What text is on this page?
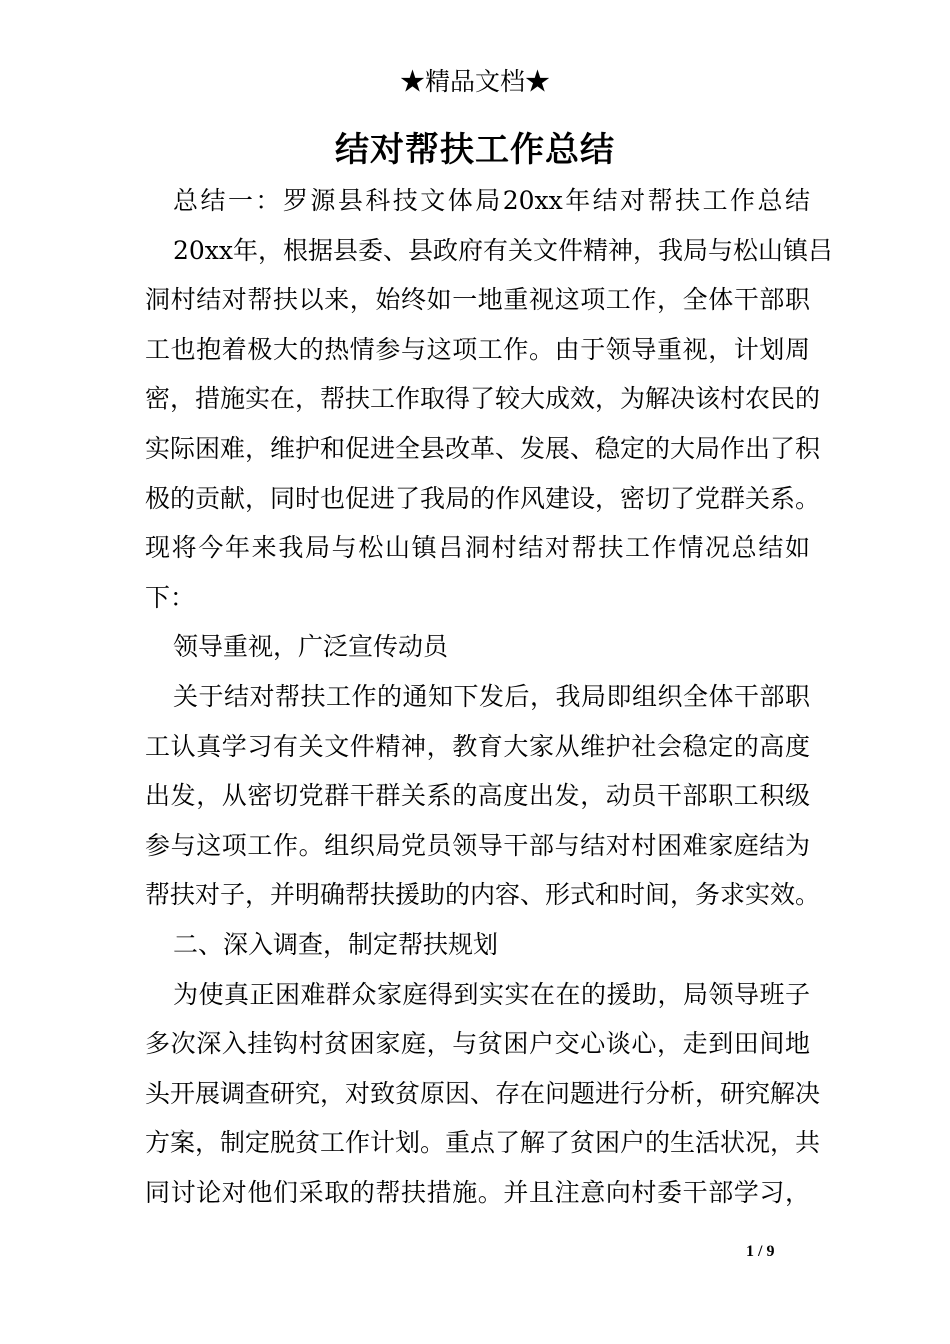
★精品文档★
结对帮扶工作总结
总结一：罗源县科技文体局20xx年结对帮扶工作总结
20xx年，根据县委、县政府有关文件精神，我局与松山镇吕
洞村结对帮扶以来，始终如一地重视这项工作，全体干部职
工也抱着极大的热情参与这项工作。由于领导重视，计划周
密，措施实在，帮扶工作取得了较大成效，为解决该村农民的
实际困难，维护和促进全县改革、发展、稳定的大局作出了积
极的贡献，同时也促进了我局的作风建设，密切了党群关系。
现将今年来我局与松山镇吕洞村结对帮扶工作情况总结如
下：
领导重视，广泛宣传动员
关于结对帮扶工作的通知下发后，我局即组织全体干部职
工认真学习有关文件精神，教育大家从维护社会稳定的高度
出发，从密切党群干群关系的高度出发，动员干部职工积级
参与这项工作。组织局党员领导干部与结对村困难家庭结为
帮扶对子，并明确帮扶援助的内容、形式和时间，务求实效。
二、深入调查，制定帮扶规划
为使真正困难群众家庭得到实实在在的援助，局领导班子
多次深入挂钩村贫困家庭，与贫困户交心谈心，走到田间地
头开展调查研究，对致贫原因、存在问题进行分析，研究解决
方案，制定脱贫工作计划。重点了解了贫困户的生活状况，共
同讨论对他们采取的帮扶措施。并且注意向村委干部学习，
1 / 9
